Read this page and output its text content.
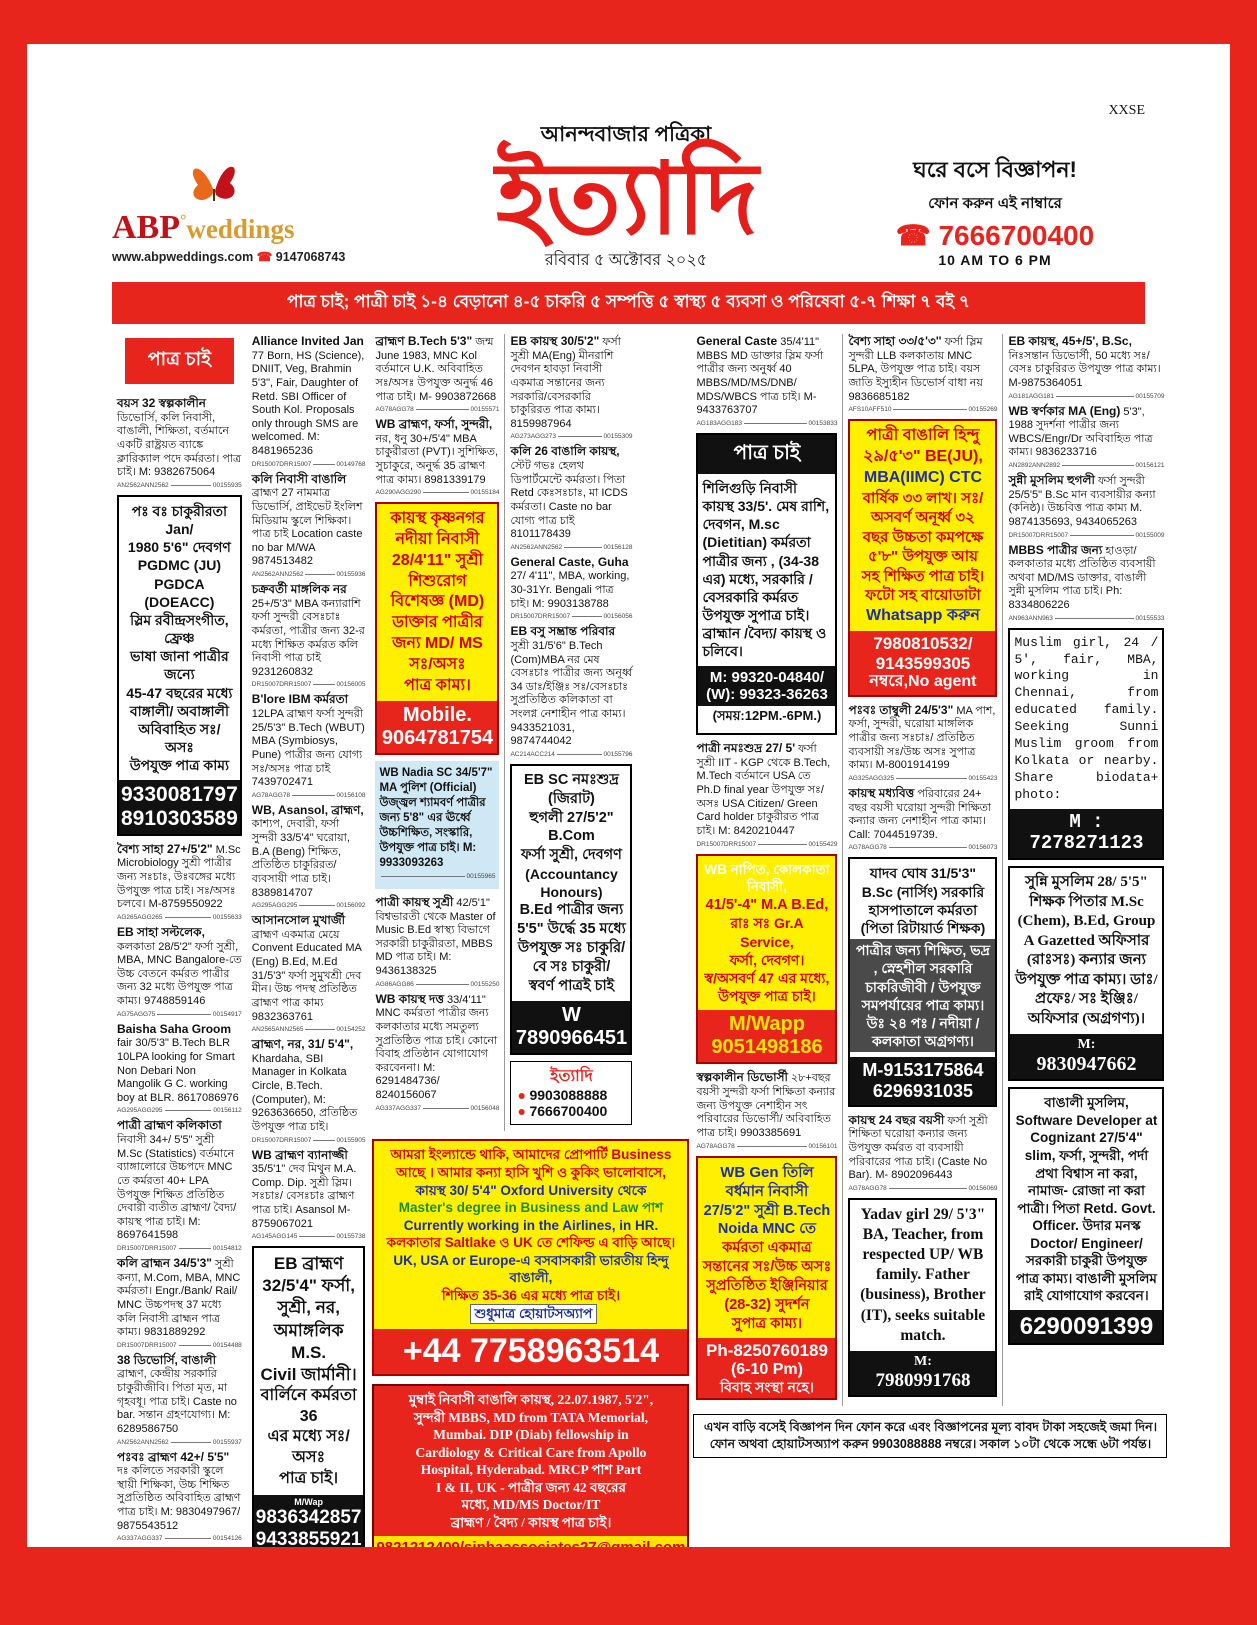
ABP°weddings
www.abpweddings.com ☎ 9147068743
আনন্দবাজার পত্রিকা
ইত্যাদি
রবিবার ৫ অক্টোবর ২০২৫
XXSE
ঘরে বসে বিজ্ঞাপন!
ফোন করুন এই নাম্বারে
☎ 7666700400
10 AM TO 6 PM
পাত্র চাই; পাত্রী চাই ১-৪ বেড়ানো ৪-৫ চাকরি ৫ সম্পত্তি ৫ স্বাস্থ্য ৫ ব্যবসা ও পরিষেবা ৫-৭ শিক্ষা ৭ বই ৭
পাত্র চাই
বয়স 32 স্বল্পকালীন ডিভোর্সি, কলি নিবাসী, বাঙালী, শিক্ষিতা, বর্তমানে একটি রাষ্ট্রয়ত ব্যাঙ্কে ক্লারিক্যাল পদে কর্মরতা। পাত্র চাই। M: 9382675064
AN2562ANN2562	00155935
পঃ বঃ চাকুরীরতা Jan/
1980 5'6" দেবগণ
PGDMC (JU)
PGDCA (DOEACC)
স্লিম রবীন্দ্রসংগীত, ফ্রেঞ্চ
ভাষা জানা পাত্রীর জন্যে
45-47 বছরের মধ্যে
বাঙ্গালী/ অবাঙ্গালী
অবিবাহিত সঃ/ অসঃ
উপযুক্ত পাত্র কাম্য
9330081797
8910303589
বৈশ্য সাহা 27+/5'2" M.Sc Microbiology সুশ্রী পাত্রীর জন্য সঃচাঃ, উঃবঙ্গের মধ্যে উপযুক্ত পাত্র চাই। সঃ/অসঃ চলবে। M-8759550922
AG265AGG265	00155633
EB সাহা সল্টলেক, কলকাতা 28/5'2" ফর্সা সুশ্রী, MBA, MNC Bangalore-তে উচ্চ বেতনে কর্মরত পাত্রীর জন্য 32 মধ্যে উপযুক্ত পাত্র কাম্য। 9748859146
AG75AGG75	00154917
Baisha Saha Groom fair 30/5'3" B.Tech BLR 10LPA looking for Smart Non Debari Non Mangolik G C. working boy at BLR. 8617086976
AG295AGG295	00156112
পাত্রী ব্রাহ্মণ কলিকাতা নিবাসী 34+/ 5'5" সুশ্রী M.Sc (Statistics) বর্তমানে ব্যাঙ্গালোরে উচ্চপদে MNC তে কর্মরতা 40+ LPA উপযুক্ত শিক্ষিত প্রতিষ্ঠিত দেবারী ব্যতীত ব্রাহ্মণ/ বৈদ্য/ কায়স্থ পাত্র চাই। M: 8697641598
DR15007DRR15007	00154812
কলি ব্রাহ্মন 34/5'3" সুশ্রী কন্যা, M.Com, MBA, MNC কর্মরতা। Engr./Bank/ Rail/ MNC উচ্চপদস্থ 37 মধ্যে কলি নিবাসী ব্রাহ্মন পাত্র কাম্য। 9831889292
DR15007DRR15007	00154488
38 ডিভোর্সি, বাঙালী ব্রাহ্মণ, কেন্দ্রীয় সরকারি চাকুরীজীবি। পিতা মৃত, মা গৃহবধূ। পাত্র চাই। Caste no bar. সন্তান গ্রহণযোগ্য। M: 6289586750
AN2562ANN2562	00155937
পঃবঃ ব্রাহ্মণ 42+/ 5'5" দঃ কলিতে সরকারী স্কুলে স্থায়ী শিক্ষিকা, উচ্চ শিক্ষিত সুপ্রতিষ্ঠিত অবিবাহিত ব্রাহ্মণ পাত্র চাই। M: 9830497967/ 9875543512
AG337AGG337	00154126
Alliance Invited Jan 77 Born, HS (Science), DNIIT, Veg, Brahmin 5'3", Fair, Daughter of Retd. SBI Officer of South Kol. Proposals only through SMS are welcomed. M: 8481965236
DR15007DRR15007	00149768
কলি নিবাসী বাঙালি ব্রাহ্মণ 27 নামমাত্র ডিভোর্সি, প্রাইভেট ইংলিশ মিডিয়াম স্কুলে শিক্ষিকা। পাত্র চাই Location caste no bar M/WA 9874513482
AN2562ANN2562	00155936
চক্রবর্তী মাঙ্গলিক নর 25+/5'3" MBA কন্যারাশি ফর্সা সুন্দরী বেসঃচাঃ কর্মরতা, পাত্রীর জন্য 32-র মধ্যে শিক্ষিত কর্মরত কলি নিবাসী পাত্র চাই 9231260832
DR15007DRR15007	00156005
B'lore IBM কর্মরতা 12LPA ব্রাহ্মণ ফর্সা সুন্দরী 25/5'3" B.Tech (WBUT) MBA (Symbiosys, Pune) পাত্রীর জন্য যোগ্য সঃ/অসঃ পাত্র চাই 7439702471
AG78AGG78	00156108
WB, Asansol, ব্রাহ্মণ, কাশ্যপ, দেবারী, ফর্সা সুন্দরী 33/5'4" ঘরোয়া, B.A (Beng) শিক্ষিত, প্রতিষ্ঠিত চাকুরিরত/ ব্যবসায়ী পাত্র চাই। 8389814707
AG295AGG295	00156092
আসানসোল মুখার্জী ব্রাহ্মণ একমাত্র মেয়ে Convent Educated MA (Eng) B.Ed, M.Ed 31/5'3" ফর্সা সুমুখশ্রী দেব মীন। উচ্চ পদস্থ প্রতিষ্ঠিত ব্রাহ্মণ পাত্র কাম্য 9832363761
AN2565ANN2565	00154252
ব্রাহ্মণ, নর, 31/ 5'4", Khardaha, SBI Manager in Kolkata Circle, B.Tech. (Computer), M: 9263636650, প্রতিষ্ঠিত উপযুক্ত পাত্র চাই।
DR15007DRR15007	00155905
WB ব্রাহ্মণ ব্যানাজ্জী 35/5'1" দেব মিথুন M.A. Comp. Dip. সুশ্রী স্লিম। সঃচাঃ/ বেসঃচাঃ ব্রাহ্মণ পাত্র চাই। Asansol M-8759067021
AG145AGG145	00155738
EB ব্রাহ্মণ
32/5'4" ফর্সা,
সুশ্রী, নর,
অমাঙ্গলিক M.S.
Civil জার্মানী।
বার্লিনে কর্মরতা 36
এর মধ্যে সঃ/অসঃ
পাত্র চাই।
M/Wap
9836342857
9433855921
ইত্যাদি
● 9051018052
ব্রাহ্মণ B.Tech 5'3" জন্ম June 1983, MNC Kol বর্তমানে U.K. অবিবাহিত সঃ/অসঃ উপযুক্ত অনুর্দ্ধ 46 পাত্র চাই। M- 9903872668
AG78AGG78	00155571
WB ব্রাহ্মণ, ফর্সা, সুন্দরী, নর, ধনু 30+/5'4" MBA চাকুরীরতা (PVT)। সুশিক্ষিত, সুচাকুরে, অনুর্দ্ধ 35 ব্রাহ্মণ পাত্র কাম্য। 8981339179
AG290AGG290	00155184
কায়স্থ কৃষ্ণনগর
নদীয়া নিবাসী
28/4'11" সুশ্রী
শিশুরোগ
বিশেষজ্ঞ (MD)
ডাক্তার পাত্রীর
জন্য MD/ MS
সঃ/অসঃ
পাত্র কাম্য।
Mobile.
9064781754
WB Nadia SC 34/5'7" MA পুলিশ (Official) উজ্জ্বল শ্যামবর্ণ পাত্রীর জন্য 5'8" এর ঊর্ধ্বে উচ্চশিক্ষিত, সংস্কারি, উপযুক্ত পাত্র চাই। M: 9933093263
00155965
পাত্রী কায়স্থ সুশ্রী 42/5'1" বিশ্বভারতী থেকে Master of Music B.Ed স্বাস্থ্য বিভাগে সরকারী চাকুরীরতা, MBBS MD পাত্র চাই। M: 9436138325
AG86AGG86	00155250
WB কায়স্থ দত্ত 33/4'11" MNC কর্মরতা পাত্রীর জন্য কলকাতার মধ্যে সমতুল্য সুপ্রতিষ্ঠিত পাত্র চাই। কোনো বিবাহ প্রতিষ্ঠান যোগাযোগ করবেননা। M: 6291484736/ 8240156067
AG337AGG337	00156048
EB কায়স্থ 30/5'2" ফর্সা সুশ্রী MA(Eng) মীনরাশি দেবগন হাবড়া নিবাসী একমাত্র সন্তানের জন্য সরকারি/বেসরকারি চাকুরিরত পাত্র কাম্য। 8159987964
AG273AGG273	00155309
কলি 26 বাঙালি কায়স্থ, স্টেট গভঃ হেলথ ডিপার্টমেন্টে কর্মরতা। পিতা Retd কেঃসঃচাঃ, মা ICDS কর্মরতা। Caste no bar যোগ্য পাত্র চাই 8101178439
AN2562ANN2562	00156128
General Caste, Guha 27/ 4'11", MBA, working, 30-31Yr. Bengali পাত্র চাই। M: 9903138788
DR15007DRR15007	00156056
EB বসু সম্ভ্রান্ত পরিবার সুশ্রী 31/5'6" B.Tech (Com)MBA নর মেষ বেসঃচাঃ পাত্রীর জন্য অনূর্ধ্ব 34 ডাঃ/ইঞ্জিঃ সঃ/বেসঃচাঃ সুপ্রতিষ্ঠিত কলিকাতা বা সংলগ্ন নেশাহীন পাত্র কাম্য। 9433521031, 9874744042
AC214ACC214	00155796
EB SC নমঃশুদ্র (জিরাট)
হুগলী 27/5'2" B.Com
ফর্সা সুশ্রী, দেবগণ
(Accountancy Honours)
B.Ed পাত্রীর জন্য
5'5" উর্দ্ধে 35 মধ্যে
উপযুক্ত সঃ চাকুরি/
বে সঃ চাকুরী/
স্ববর্ণ পাত্রই চাই
W 7890966451
ইত্যাদি
● 9903088888
● 7666700400
আমরা ইংল্যান্ডে থাকি, আমাদের প্রোপার্টি Business
আছে । আমার কন্যা হাসি খুশি ও কুকিং ভালোবাসে,
কায়স্থ 30/ 5'4" Oxford University থেকে
Master's degree in Business and Law পাশ
Currently working in the Airlines, in HR.
কলকাতার Saltlake ও UK তে শেফিল্ড এ বাড়ি আছে।
UK, USA or Europe-এ বসবাসকারী ভারতীয় হিন্দু বাঙালী,
শিক্ষিত 35-36 এর মধ্যে পাত্র চাই।শুধুমাত্র হোয়াটসঅ্যাপ
+44 7758963514
মুম্বাই নিবাসী বাঙালি কায়স্থ, 22.07.1987, 5'2",
সুন্দরী MBBS, MD from TATA Memorial,
Mumbai. DIP (Diab) fellowship in
Cardiology & Critical Care from Apollo
Hospital, Hyderabad. MRCP পাশ Part
I & II, UK - পাত্রীর জন্য 42 বছরের
মধ্যে, MD/MS Doctor/IT
ব্রাহ্মণ / বৈদ্য / কায়স্থ পাত্র চাই।
9821212409/sinhaassociates27@gmail.com
General Caste 35/4'11" MBBS MD ডাক্তার স্লিম ফর্সা পাত্রীর জন্য অনুর্ধ্ব 40 MBBS/MD/MS/DNB/ MDS/WBCS পাত্র চাই। M-9433763707
AG183AGG183	00153833
পাত্র চাই
শিলিগুড়ি নিবাসী কায়স্থ 33/5'. মেষ রাশি, দেবগন, M.sc (Dietitian) কর্মরতা পাত্রীর জন্য , (34-38 এর) মধ্যে, সরকারি / বেসরকারি কর্মরত উপযুক্ত সুপাত্র চাই। ব্রাহ্মান /বৈদ্য/ কায়স্থ ও চলিবে।
M: 99320-04840/
(W): 99323-36263
(সময়:12PM.-6PM.)
পাত্রী নমঃশুদ্র 27/ 5' ফর্সা সুশ্রী IIT - KGP থেকে B.Tech, M.Tech বর্তমানে USA তে Ph.D final year উপযুক্ত সঃ/ অসঃ USA Citizen/ Green Card holder চাকুরীরত পাত্র চাই। M: 8420210447
DR15007DRR15007	00155429
WB নাপিত, কোলকাতা নিবাসী,
41/5'-4" M.A B.Ed,
রাঃ সঃ Gr.A Service,
ফর্সা, দেবগণ।
স্ব/অসবর্ণ 47 এর মধ্যে,
উপযুক্ত পাত্র চাই।
M/Wapp
9051498186
স্বল্পকালীন ডিভোর্সী ২৮+বছর বয়সী সুন্দরী ফর্সা শিক্ষিতা কন্যার জন্য উপযুক্ত নেশাহীন সৎ পরিবারের ডিভোর্সী/ অবিবাহিত পাত্র চাই। 9903385691
AG78AGG78	00156101
WB Gen তিলি
বর্ধমান নিবাসী
27/5'2" সুশ্রী B.Tech
Noida MNC তে
কর্মরতা একমাত্র
সন্তানের সঃ/উচ্চ অসঃ
সুপ্রতিষ্ঠিত ইঞ্জিনিয়ার
(28-32) সুদর্শন
সুপাত্র কাম্য।
Ph-8250760189
(6-10 Pm)
বিবাহ সংস্থা নহে।
বৈশ্য সাহা ৩৩/৫'৩'' ফর্সা স্লিম সুন্দরী LLB কলকাতায় MNC 5LPA, উপযুক্ত পাত্র চাই। বয়স জাতি ইস্যুহীন ডিভোর্স বাধা নয় 9836685182
AFS10AFF510	00155269
পাত্রী বাঙালি হিন্দু
২৯/৫'৩" BE(JU),
MBA(IIMC) CTC
বার্ষিক ৩৩ লাখ। সঃ/
অসবর্ণ অনূর্ধ্ব ৩২
বছর উচ্চতা কমপক্ষে
৫'৮" উপযুক্ত আয়
সহ শিক্ষিত পাত্র চাই।
ফটো সহ বায়োডাটা
Whatsapp করুন
7980810532/
9143599305
নম্বরে,No agent
পঃবঃ তাম্বুলী 24/5'3" MA পাশ, ফর্সা, সুন্দরী, ঘরোয়া মাঙ্গলিক পাত্রীর জন্য সঃচাঃ/ প্রতিষ্ঠিত ব্যবসায়ী সঃ/উচ্চ অসঃ সুপাত্র কাম্য। M-8001914199
AG325AGG325	00155423
কায়স্থ মধ্যবিত্ত পরিবারের 24+ বছর বয়সী ঘরোয়া সুন্দরী শিক্ষিতা কন্যার জন্য নেশাহীন পাত্র কাম্য। Call: 7044519739.
AG78AGG78	00156073
যাদব ঘোষ 31/5'3" B.Sc (নার্সিং) সরকারি হাসপাতালে কর্মরতা (পিতা রিটায়ার্ড শিক্ষক)
পাত্রীর জন্য শিক্ষিত, ভদ্র , স্নেহশীল সরকারি চাকরিজীবী / উপযুক্ত সমপর্যায়ের পাত্র কাম্য। উঃ ২৪ পঃ / নদীয়া / কলকাতা অগ্রগণ্য।
M-9153175864
6296931035
কায়স্থ 24 বছর বয়সী ফর্সা সুশ্রী শিক্ষিতা ঘরোয়া কন্যার জন্য উপযুক্ত কর্মরত বা ব্যবসায়ী পরিবারের পাত্র চাই। (Caste No Bar). M- 8902096443
AG78AGG78	00156069
Yadav girl 29/ 5'3" BA, Teacher, from respected UP/ WB family. Father (business), Brother (IT), seeks suitable match.
M:
7980991768
EB কায়স্থ, 45+/5', B.Sc, নিঃসন্তান ডিভোর্সী, 50 মধ্যে সঃ/বেসঃ চাকুরিরত উপযুক্ত পাত্র কাম্য। M-9875364051
AG181AGG181	00155709
WB স্বর্ণকার MA (Eng) 5'3", 1988 সুদর্শনা পাত্রীর জন্য WBCS/Engr/Dr অবিবাহিত পাত্র কাম্য। 9836233716
AN2892ANN2892	00156121
সুন্নী মুসলিম হুগলী ফর্সা সুন্দরী 25/5'5" B.Sc মান ব্যবসায়ীর কন্যা (কনিষ্ঠ)। উচ্চবিত্ত পাত্র কাম্য M. 9874135693, 9434065263
DR15007DRR15007	00155009
MBBS পাত্রীর জন্য হাওড়া/কলকাতার মধ্যে প্রতিষ্ঠিত ব্যবসায়ী অথবা MD/MS ডাক্তার, বাঙালী সুন্নী মুসলিম পাত্র চাই। Ph: 8334806226
AN963ANN963	00155533
Muslim girl, 24 / 5', fair, MBA, working in Chennai, from educated family. Seeking Sunni Muslim groom from Kolkata or nearby. Share biodata+ photo:
M : 7278271123
সুন্নি মুসলিম 28/ 5'5" শিক্ষক পিতার M.Sc (Chem), B.Ed, Group A Gazetted অফিসার (রাঃসঃ) কন্যার জন্য উপযুক্ত পাত্র কাম্য। ডাঃ/ প্রফেঃ/ সঃ ইঞ্জিঃ/ অফিসার (অগ্রগণ্য)।
M:
9830947662
বাঙালী মুসলিম, Software Developer at Cognizant 27/5'4" slim, ফর্সা, সুন্দরী, পর্দা প্রথা বিশ্বাস না করা, নামাজ- রোজা না করা পাত্রী। পিতা Retd. Govt. Officer. উদার মনস্ক Doctor/ Engineer/ সরকারী চাকুরী উপযুক্ত পাত্র কাম্য। বাঙালী মুসলিম রাই যোগাযোগ করবেন।
6290091399
এখন বাড়ি বসেই বিজ্ঞাপন দিন ফোন করে এবং বিজ্ঞাপনের মূল্য বাবদ টাকা সহজেই জমা দিন।
ফোন অথবা হোয়াটসঅ্যাপ করুন 9903088888 নম্বরে। সকাল ১০টা থেকে সন্ধে ৬টা পর্যন্ত।
